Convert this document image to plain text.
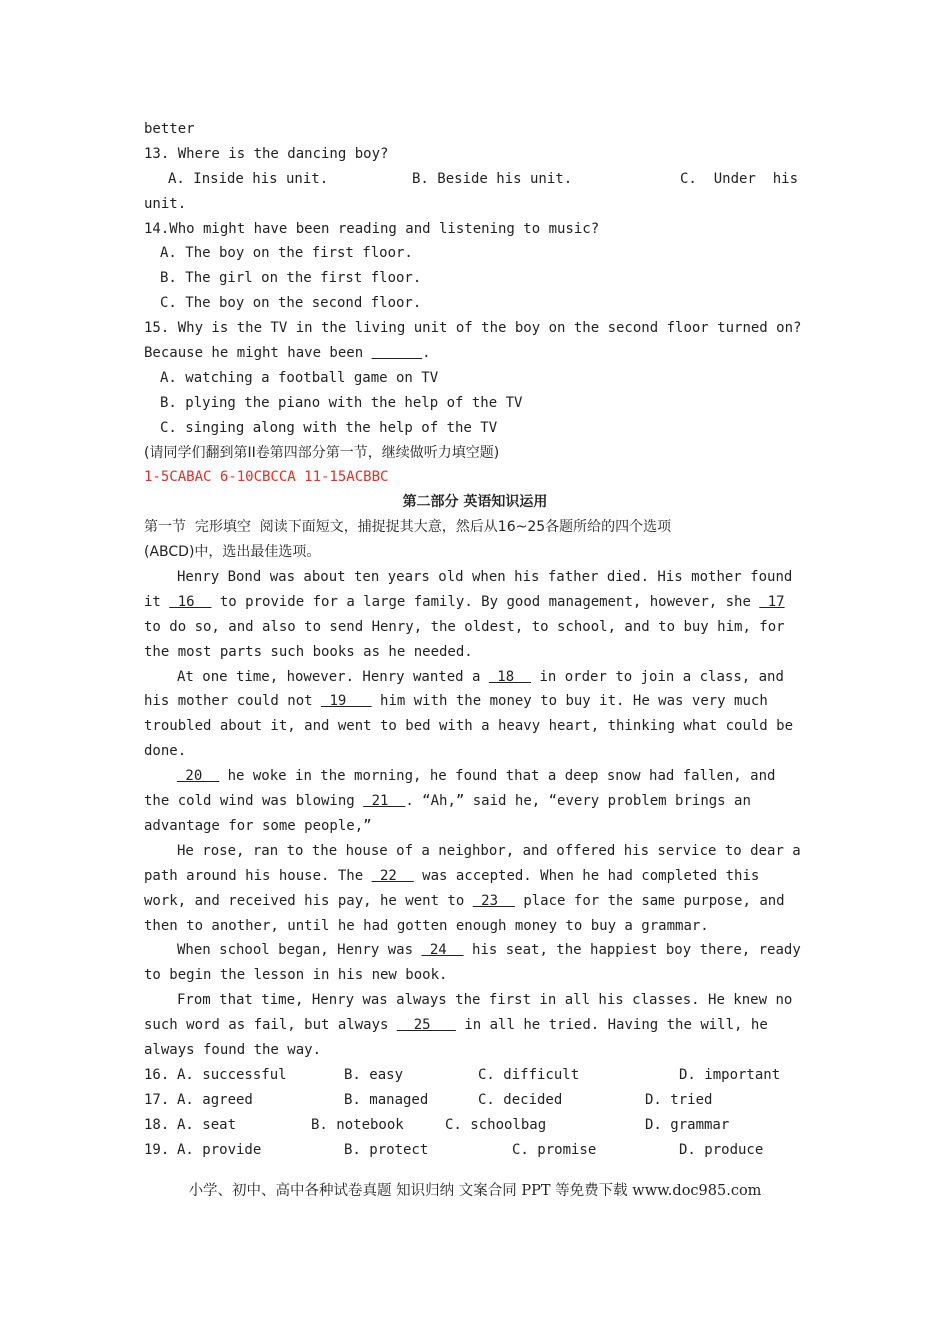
better
13. Where is the dancing boy?
A. Inside his unit.	B. Beside his unit.	C.  Under  his
unit.
14.Who might have been reading and listening to music?
A. The boy on the first floor.
B. The girl on the first floor.
C. The boy on the second floor.
15. Why is the TV in the living unit of the boy on the second floor turned on?
Because he might have been	.
A. watching a football game on TV
B. plying the piano with the help of the TV
C. singing along with the help of the TV
(请同学们翻到第II卷第四部分第一节，继续做听力填空题)
1-5CABAC 6-10CBCCA 11-15ACBBC
第二部分 英语知识运用
第一节  完形填空  阅读下面短文，捕捉捉其大意，然后从16~25各题所给的四个选项
(ABCD)中，选出最佳选项。
Henry Bond was about ten years old when his father died. His mother found
it  16   to provide for a large family. By good management, however, she  17
to do so, and also to send Henry, the oldest, to school, and to buy him, for
the most parts such books as he needed.
At one time, however. Henry wanted a  18   in order to join a class, and
his mother could not  19    him with the money to buy it. He was very much
troubled about it, and went to bed with a heavy heart, thinking what could be
done.
20   he woke in the morning, he found that a deep snow had fallen, and
the cold wind was blowing  21  . “Ah,” said he, “every problem brings an
advantage for some people,”
He rose, ran to the house of a neighbor, and offered his service to dear a
path around his house. The  22   was accepted. When he had completed this
work, and received his pay, he went to  23   place for the same purpose, and
then to another, until he had gotten enough money to buy a grammar.
When school began, Henry was  24   his seat, the happiest boy there, ready
to begin the lesson in his new book.
From that time, Henry was always the first in all his classes. He knew no
such word as fail, but always   25    in all he tried. Having the will, he
always found the way.
16. A. successful	B. easy	C. difficult	D. important
17. A. agreed	B. managed	C. decided	D. tried
18. A. seat	B. notebook	C. schoolbag	D. grammar
19. A. provide	B. protect	C. promise	D. produce
小学、初中、高中各种试卷真题 知识归纳 文案合同 PPT 等免费下载 www.doc985.com
